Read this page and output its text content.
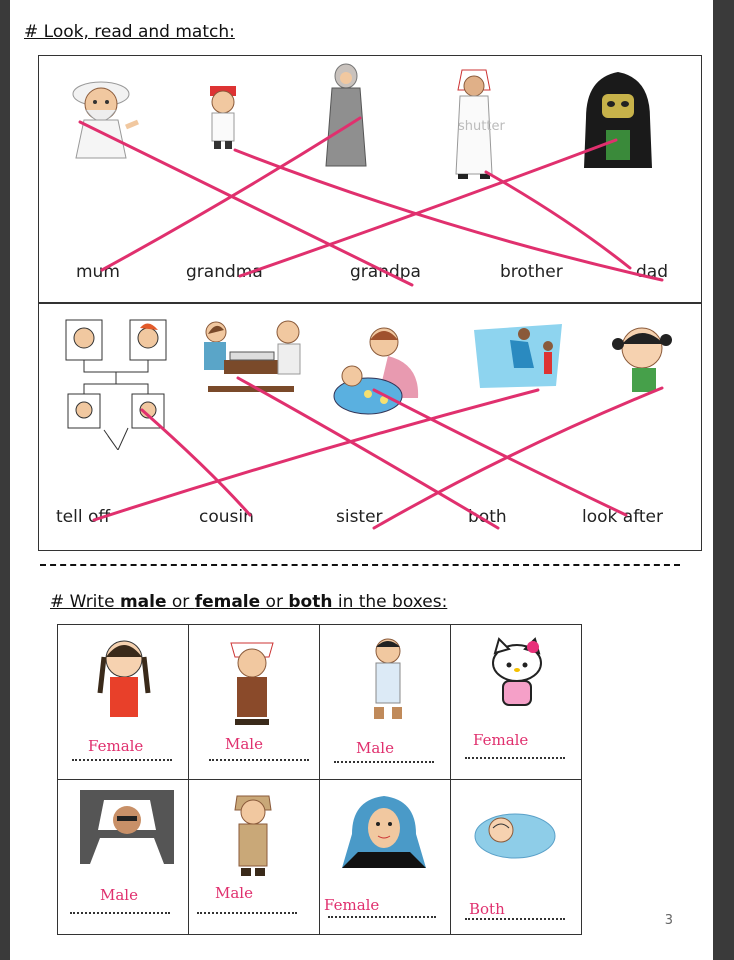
# Look, read and match:
mum	grandma	grandpa	brother	dad
tell off	cousin	sister	both	look after
shutter
# Write male or female or both in the boxes:
Female	Male	Male	Female

Male	Male	Female	Both
3
